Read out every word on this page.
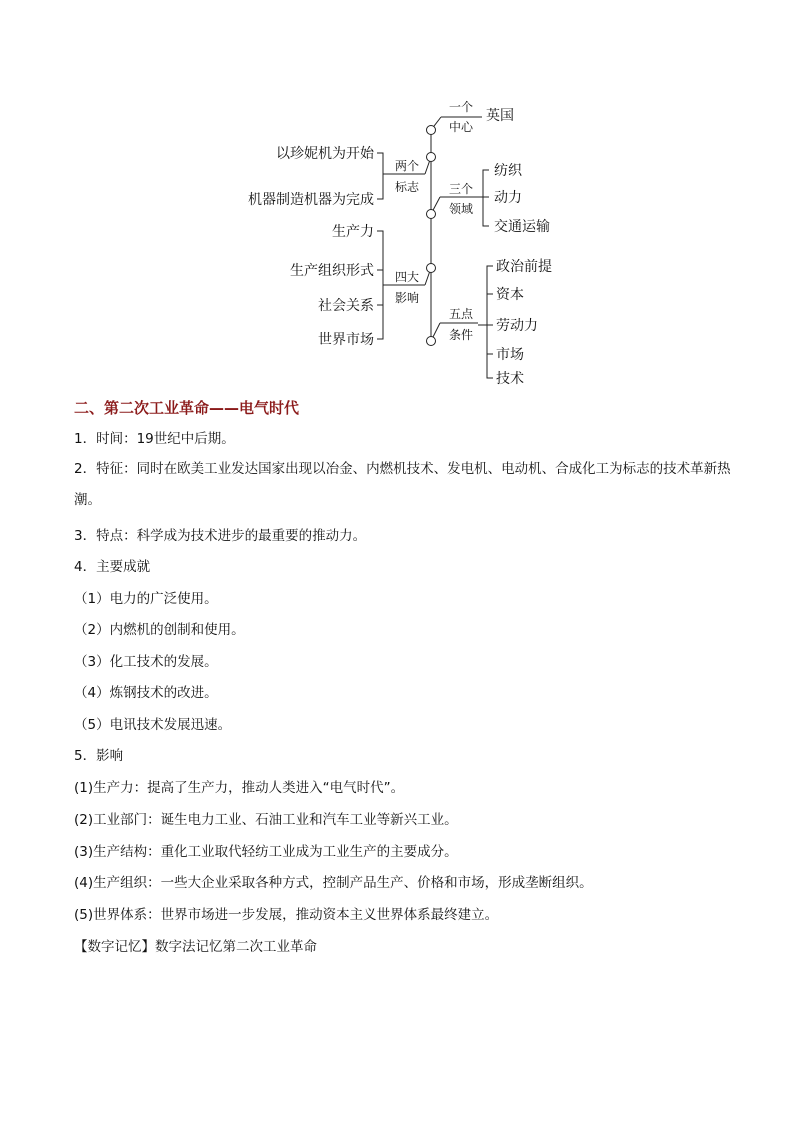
一个
中心
英国
两个
标志
以珍妮机为开始
机器制造机器为完成
三个
领域
纺织
动力
交通运输
四大
影响
生产力
生产组织形式
社会关系
世界市场
五点
条件
政治前提
资本
劳动力
市场
技术
二、第二次工业革命——电气时代

1．时间：19世纪中后期。

2．特征：同时在欧美工业发达国家出现以冶金、内燃机技术、发电机、电动机、合成化工为标志的技术革新热潮。

3．特点：科学成为技术进步的最重要的推动力。

4．主要成就

（1）电力的广泛使用。

（2）内燃机的创制和使用。

（3）化工技术的发展。

（4）炼钢技术的改进。

（5）电讯技术发展迅速。

5．影响

(1)生产力：提高了生产力，推动人类进入“电气时代”。

(2)工业部门：诞生电力工业、石油工业和汽车工业等新兴工业。

(3)生产结构：重化工业取代轻纺工业成为工业生产的主要成分。

(4)生产组织：一些大企业采取各种方式，控制产品生产、价格和市场，形成垄断组织。

(5)世界体系：世界市场进一步发展，推动资本主义世界体系最终建立。

【数字记忆】数字法记忆第二次工业革命
